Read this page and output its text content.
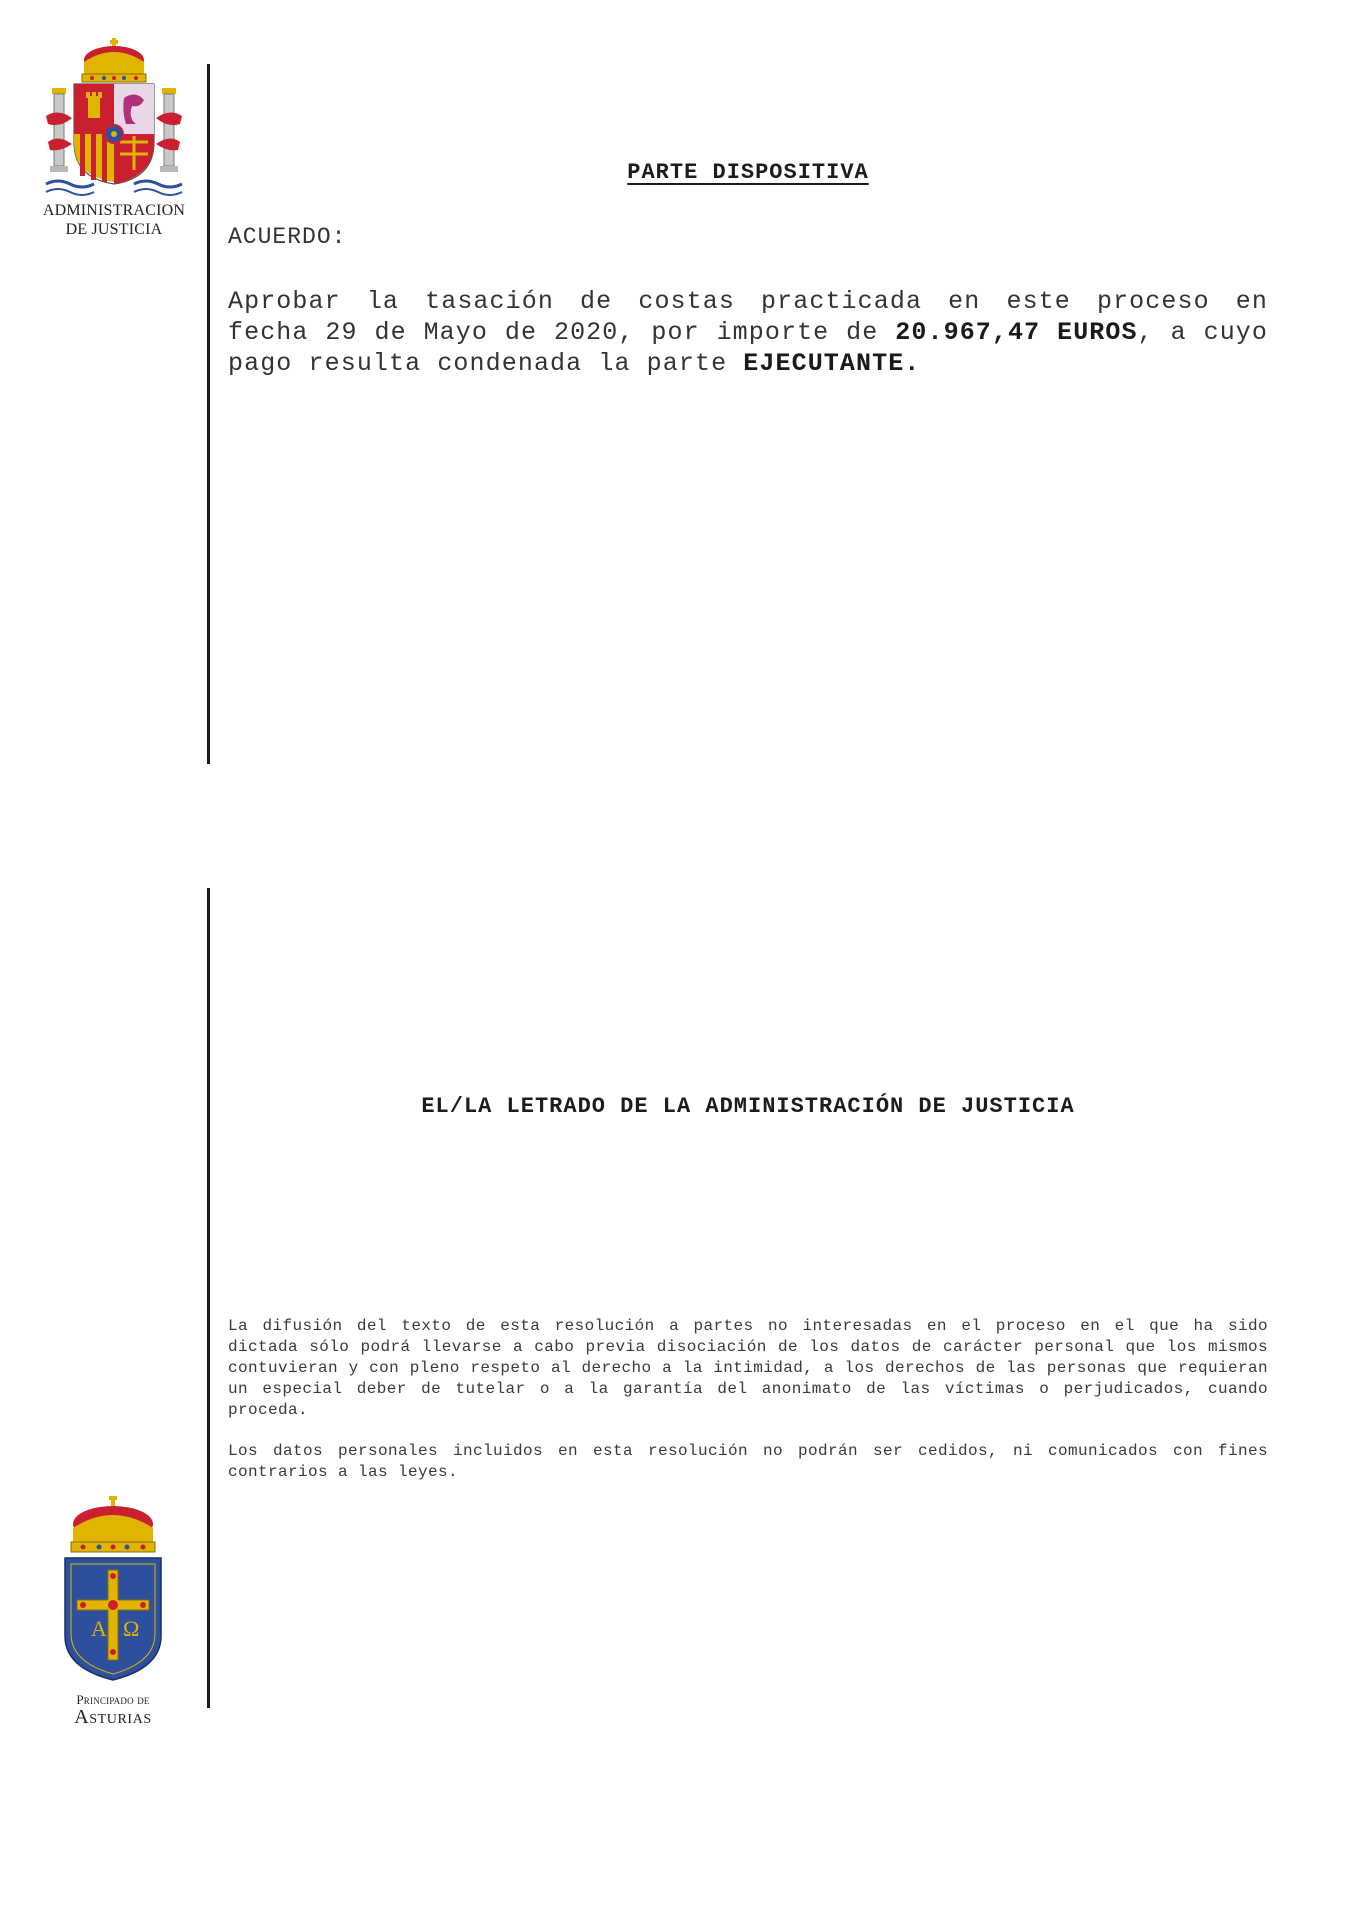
ADMINISTRACION
DE JUSTICIA
Α Ω
Principado de
Asturias
PARTE DISPOSITIVA
ACUERDO:
Aprobar la tasación de costas practicada en este proceso en fecha 29 de Mayo de 2020, por importe de 20.967,47 EUROS, a cuyo pago resulta condenada la parte EJECUTANTE.
EL/LA LETRADO DE LA ADMINISTRACIÓN DE JUSTICIA
La difusión del texto de esta resolución a partes no interesadas en el proceso en el que ha sido dictada sólo podrá llevarse a cabo previa disociación de los datos de carácter personal que los mismos contuvieran y con pleno respeto al derecho a la intimidad, a los derechos de las personas que requieran un especial deber de tutelar o a la garantía del anonimato de las víctimas o perjudicados, cuando proceda.
Los datos personales incluidos en esta resolución no podrán ser cedidos, ni comunicados con fines contrarios a las leyes.
